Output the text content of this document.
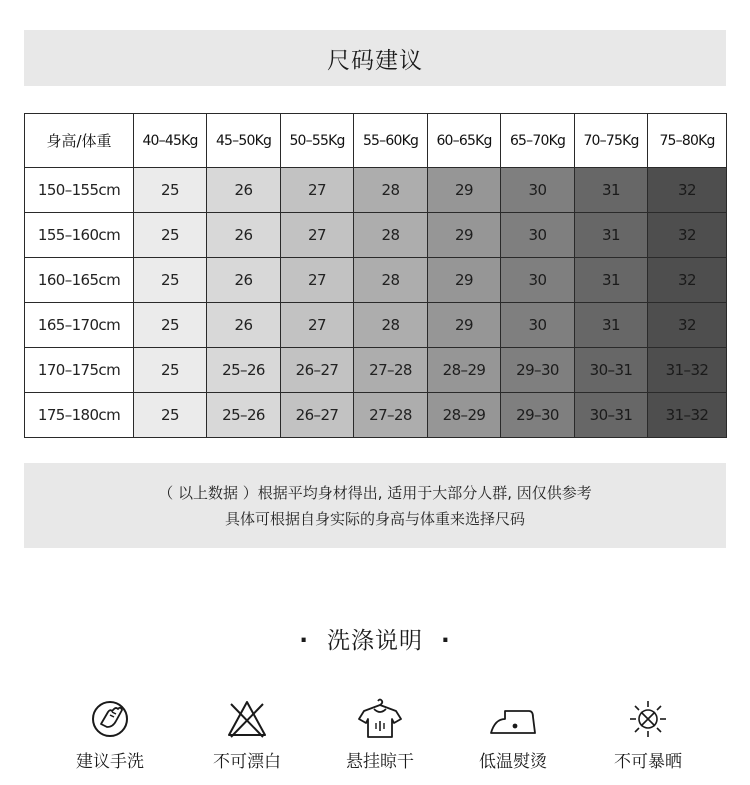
尺码建议
身高/体重	40–45Kg	45–50Kg	50–55Kg	55–60Kg	60–65Kg	65–70Kg	70–75Kg	75–80Kg
150–155cm	25	26	27	28	29	30	31	32
155–160cm	25	26	27	28	29	30	31	32
160–165cm	25	26	27	28	29	30	31	32
165–170cm	25	26	27	28	29	30	31	32
170–175cm	25	25–26	26–27	27–28	28–29	29–30	30–31	31–32
175–180cm	25	25–26	26–27	27–28	28–29	29–30	30–31	31–32
（ 以上数据 ）根据平均身材得出, 适用于大部分人群, 因仅供参考
具体可根据自身实际的身高与体重来选择尺码
· 洗涤说明 ·
建议手洗	不可漂白	悬挂晾干	低温熨烫	不可暴晒
